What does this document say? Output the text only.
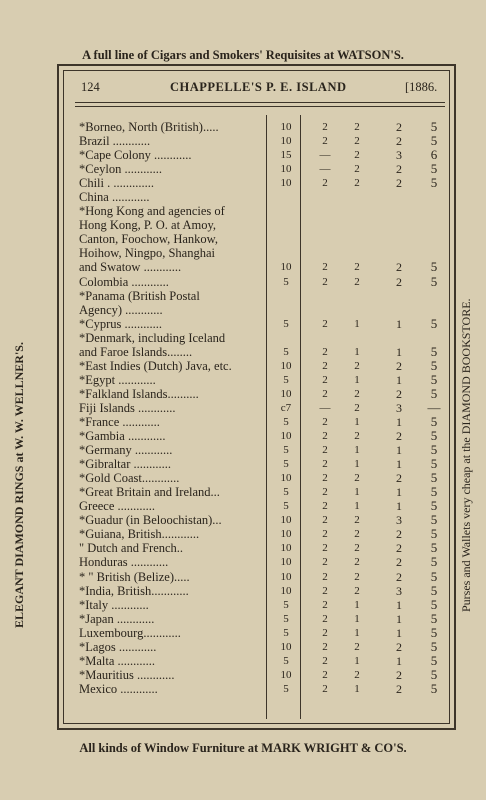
A full line of Cigars and Smokers' Requisites at WATSON'S.
ELEGANT DIAMOND RINGS at W. W. WELLNER'S.	Purses and Wallets very cheap at the DIAMOND BOOKSTORE.
124	CHAPPELLE'S P. E. ISLAND	[1886.
*Borneo, North (British).....	10	2	2	2	5
Brazil ............	10	2	2	2	5
*Cape Colony ............	15	—	2	3	6
*Ceylon ............	10	—	2	2	5
Chili . .............	10	2	2	2	5
China ............
*Hong Kong and agencies of
Hong Kong, P. O. at Amoy,
Canton, Foochow, Hankow,
Hoihow, Ningpo, Shanghai
and Swatow ............	10	2	2	2	5
Colombia ............	5	2	2	2	5
*Panama (British Postal
Agency) ............
*Cyprus ............	5	2	1	1	5
*Denmark, including Iceland
and Faroe Islands........	5	2	1	1	5
*East Indies (Dutch) Java, etc.	10	2	2	2	5
*Egypt ............	5	2	1	1	5
*Falkland Islands..........	10	2	2	2	5
Fiji Islands ............	c7	—	2	3	—
*France ............	5	2	1	1	5
*Gambia ............	10	2	2	2	5
*Germany ............	5	2	1	1	5
*Gibraltar ............	5	2	1	1	5
*Gold Coast............	10	2	2	2	5
*Great Britain and Ireland...	5	2	1	1	5
Greece ............	5	2	1	1	5
*Guadur (in Beloochistan)...	10	2	2	3	5
*Guiana, British............	10	2	2	2	5
" Dutch and French..	10	2	2	2	5
Honduras ............	10	2	2	2	5
* " British (Belize).....	10	2	2	2	5
*India, British............	10	2	2	3	5
*Italy ............	5	2	1	1	5
*Japan ............	5	2	1	1	5
Luxembourg............	5	2	1	1	5
*Lagos ............	10	2	2	2	5
*Malta ............	5	2	1	1	5
*Mauritius ............	10	2	2	2	5
Mexico ............	5	2	1	2	5
All kinds of Window Furniture at MARK WRIGHT & CO'S.
